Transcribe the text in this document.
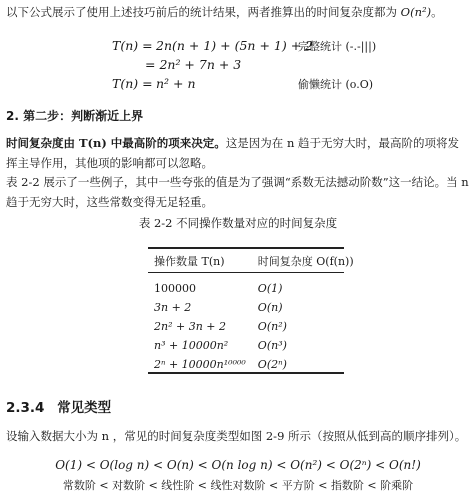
以下公式展示了使用上述技巧前后的统计结果，两者推算出的时间复杂度都为 O(n²)。
T(n) = 2n(n + 1) + (5n + 1) + 2
完整统计 (-.-|||)
= 2n² + 7n + 3
T(n) = n² + n	偷懒统计 (o.O)
2. 第二步：判断渐近上界
时间复杂度由 T(n) 中最高阶的项来决定。这是因为在 n 趋于无穷大时，最高阶的项将发挥主导作用，其他项的影响都可以忽略。
表 2-2 展示了一些例子，其中一些夸张的值是为了强调“系数无法撼动阶数”这一结论。当 n 趋于无穷大时，这些常数变得无足轻重。
表 2-2 不同操作数量对应的时间复杂度
操作数量 T(n)	时间复杂度 O(f(n))

100000	O(1)
3n + 2	O(n)
2n² + 3n + 2	O(n²)
n³ + 10000n²	O(n³)
2ⁿ + 10000n¹⁰⁰⁰⁰	O(2ⁿ)
2.3.4 常见类型
设输入数据大小为 n ，常见的时间复杂度类型如图 2-9 所示（按照从低到高的顺序排列）。
O(1) < O(log n) < O(n) < O(n log n) < O(n²) < O(2ⁿ) < O(n!)
常数阶 < 对数阶 < 线性阶 < 线性对数阶 < 平方阶 < 指数阶 < 阶乘阶
